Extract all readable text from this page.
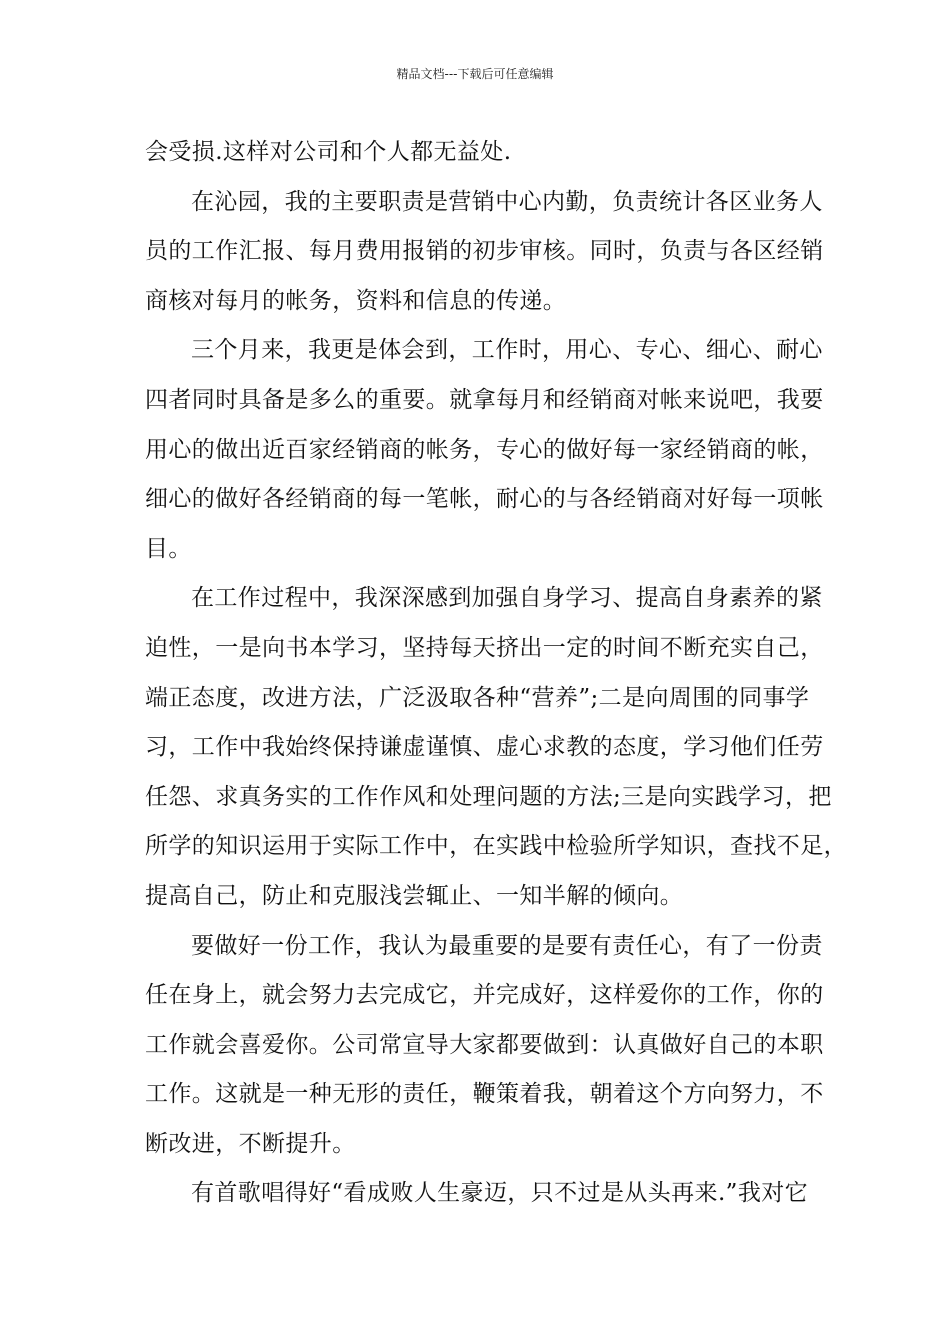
精品文档---下载后可任意编辑
会受损.这样对公司和个人都无益处.
在沁园，我的主要职责是营销中心内勤，负责统计各区业务人
员的工作汇报、每月费用报销的初步审核。同时，负责与各区经销
商核对每月的帐务，资料和信息的传递。
三个月来，我更是体会到，工作时，用心、专心、细心、耐心
四者同时具备是多么的重要。就拿每月和经销商对帐来说吧，我要
用心的做出近百家经销商的帐务，专心的做好每一家经销商的帐，
细心的做好各经销商的每一笔帐，耐心的与各经销商对好每一项帐
目。
在工作过程中，我深深感到加强自身学习、提高自身素养的紧
迫性，一是向书本学习，坚持每天挤出一定的时间不断充实自己，
端正态度，改进方法，广泛汲取各种“营养”;二是向周围的同事学
习，工作中我始终保持谦虚谨慎、虚心求教的态度，学习他们任劳
任怨、求真务实的工作作风和处理问题的方法;三是向实践学习，把
所学的知识运用于实际工作中，在实践中检验所学知识，查找不足，
提高自己，防止和克服浅尝辄止、一知半解的倾向。
要做好一份工作，我认为最重要的是要有责任心，有了一份责
任在身上，就会努力去完成它，并完成好，这样爱你的工作，你的
工作就会喜爱你。公司常宣导大家都要做到：认真做好自己的本职
工作。这就是一种无形的责任，鞭策着我，朝着这个方向努力，不
断改进，不断提升。
有首歌唱得好“看成败人生豪迈，只不过是从头再来.”我对它
